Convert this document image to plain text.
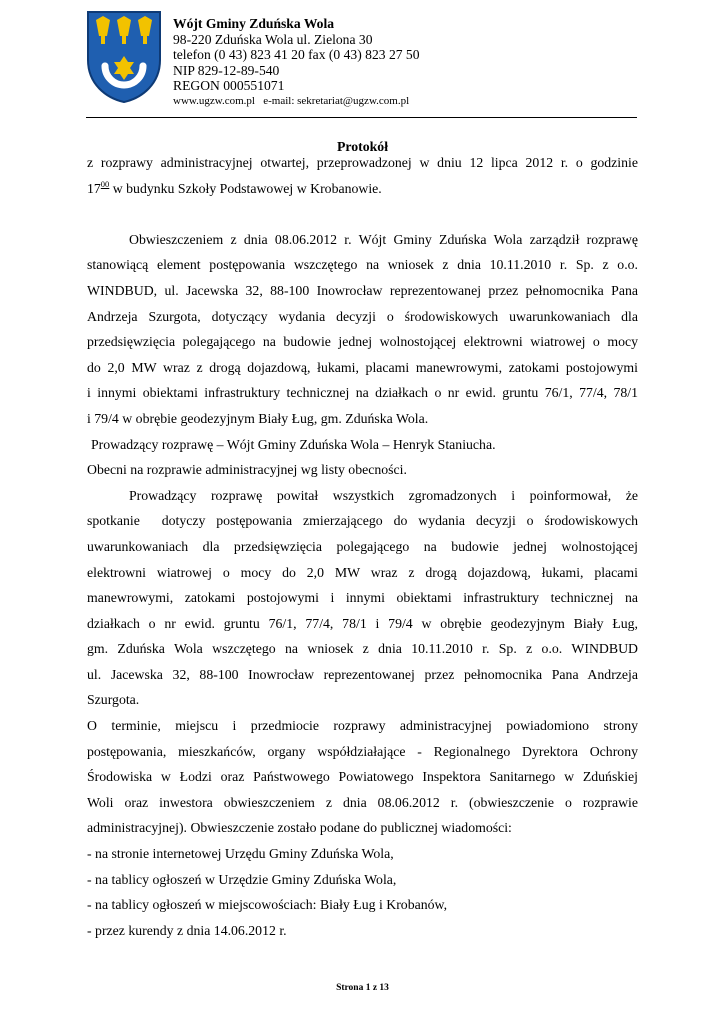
Wójt Gminy Zduńska Wola
98-220 Zduńska Wola ul. Zielona 30
telefon (0 43) 823 41 20 fax (0 43) 823 27 50
NIP 829-12-89-540
REGON 000551071
www.ugzw.com.pl   e-mail: sekretariat@ugzw.com.pl
Protokół
z rozprawy administracyjnej otwartej, przeprowadzonej w dniu 12 lipca 2012 r. o godzinie
$17^{00}$ w budynku Szkoły Podstawowej w Krobanowie.
Obwieszczeniem z dnia 08.06.2012 r. Wójt Gminy Zduńska Wola zarządził rozprawę
stanowiącą element postępowania wszczętego na wniosek z dnia 10.11.2010 r. Sp. z o.o.
WINDBUD, ul. Jacewska 32, 88-100 Inowrocław reprezentowanej przez pełnomocnika Pana
Andrzeja Szurgota, dotyczący wydania decyzji o środowiskowych uwarunkowaniach dla
przedsięwzięcia polegającego na budowie jednej wolnostojącej elektrowni wiatrowej o mocy
do 2,0 MW wraz z drogą dojazdową, łukami, placami manewrowymi, zatokami postojowymi
i innymi obiektami infrastruktury technicznej na działkach o nr ewid. gruntu 76/1, 77/4, 78/1
i 79/4 w obrębie geodezyjnym Biały Ług, gm. Zduńska Wola.
Prowadzący rozprawę – Wójt Gminy Zduńska Wola – Henryk Staniucha.
Obecni na rozprawie administracyjnej wg listy obecności.
Prowadzący rozprawę powitał wszystkich zgromadzonych i poinformował, że
spotkanie  dotyczy postępowania zmierzającego do wydania decyzji o środowiskowych
uwarunkowaniach dla przedsięwzięcia polegającego na budowie jednej wolnostojącej
elektrowni wiatrowej o mocy do 2,0 MW wraz z drogą dojazdową, łukami, placami
manewrowymi, zatokami postojowymi i innymi obiektami infrastruktury technicznej na
działkach o nr ewid. gruntu 76/1, 77/4, 78/1 i 79/4 w obrębie geodezyjnym Biały Ług,
gm. Zduńska Wola wszczętego na wniosek z dnia 10.11.2010 r. Sp. z o.o. WINDBUD
ul. Jacewska 32, 88-100 Inowrocław reprezentowanej przez pełnomocnika Pana Andrzeja
Szurgota.
O terminie, miejscu i przedmiocie rozprawy administracyjnej powiadomiono strony
postępowania, mieszkańców, organy współdziałające - Regionalnego Dyrektora Ochrony
Środowiska w Łodzi oraz Państwowego Powiatowego Inspektora Sanitarnego w Zduńskiej
Woli oraz inwestora obwieszczeniem z dnia 08.06.2012 r. (obwieszczenie o rozprawie
administracyjnej). Obwieszczenie zostało podane do publicznej wiadomości:
- na stronie internetowej Urzędu Gminy Zduńska Wola,
- na tablicy ogłoszeń w Urzędzie Gminy Zduńska Wola,
- na tablicy ogłoszeń w miejscowościach: Biały Ług i Krobanów,
- przez kurendy z dnia 14.06.2012 r.
Strona 1 z 13
